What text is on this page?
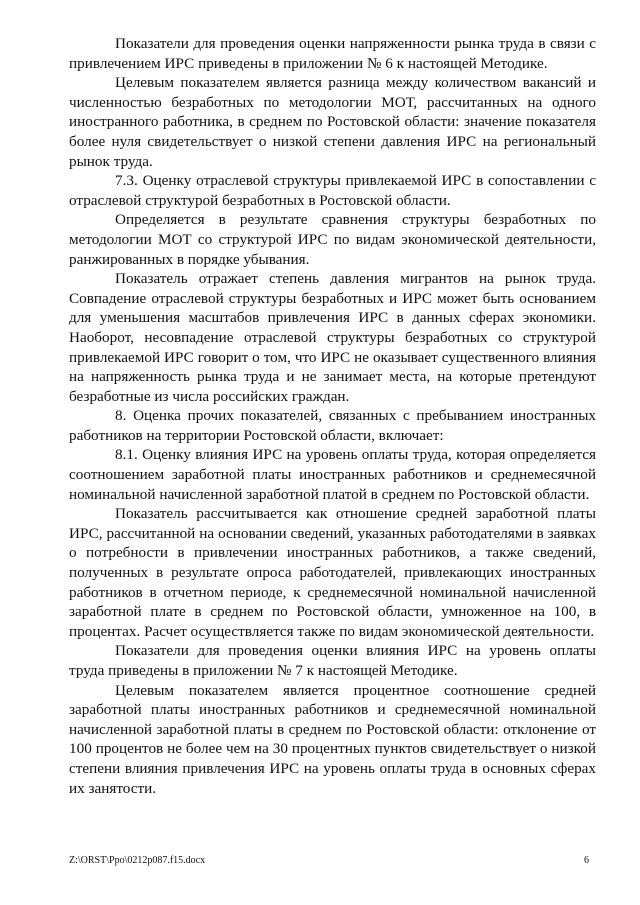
Показатели для проведения оценки напряженности рынка труда в связи с привлечением ИРС приведены в приложении № 6 к настоящей Методике.

Целевым показателем является разница между количеством вакансий и численностью безработных по методологии МОТ, рассчитанных на одного иностранного работника, в среднем по Ростовской области: значение показателя более нуля свидетельствует о низкой степени давления ИРС на региональный рынок труда.

7.3. Оценку отраслевой структуры привлекаемой ИРС в сопоставлении с отраслевой структурой безработных в Ростовской области.

Определяется в результате сравнения структуры безработных по методологии МОТ со структурой ИРС по видам экономической деятельности, ранжированных в порядке убывания.

Показатель отражает степень давления мигрантов на рынок труда. Совпадение отраслевой структуры безработных и ИРС может быть основанием для уменьшения масштабов привлечения ИРС в данных сферах экономики. Наоборот, несовпадение отраслевой структуры безработных со структурой привлекаемой ИРС говорит о том, что ИРС не оказывает существенного влияния на напряженность рынка труда и не занимает места, на которые претендуют безработные из числа российских граждан.

8. Оценка прочих показателей, связанных с пребыванием иностранных работников на территории Ростовской области, включает:

8.1. Оценку влияния ИРС на уровень оплаты труда, которая определяется соотношением заработной платы иностранных работников и среднемесячной номинальной начисленной заработной платой в среднем по Ростовской области.

Показатель рассчитывается как отношение средней заработной платы ИРС, рассчитанной на основании сведений, указанных работодателями в заявках о потребности в привлечении иностранных работников, а также сведений, полученных в результате опроса работодателей, привлекающих иностранных работников в отчетном периоде, к среднемесячной номинальной начисленной заработной плате в среднем по Ростовской области, умноженное на 100, в процентах. Расчет осуществляется также по видам экономической деятельности.

Показатели для проведения оценки влияния ИРС на уровень оплаты труда приведены в приложении № 7 к настоящей Методике.

Целевым показателем является процентное соотношение средней заработной платы иностранных работников и среднемесячной номинальной начисленной заработной платы в среднем по Ростовской области: отклонение от 100 процентов не более чем на 30 процентных пунктов свидетельствует о низкой степени влияния привлечения ИРС на уровень оплаты труда в основных сферах их занятости.

Z:\ORST\Ppo\0212p087.f15.docx	6
